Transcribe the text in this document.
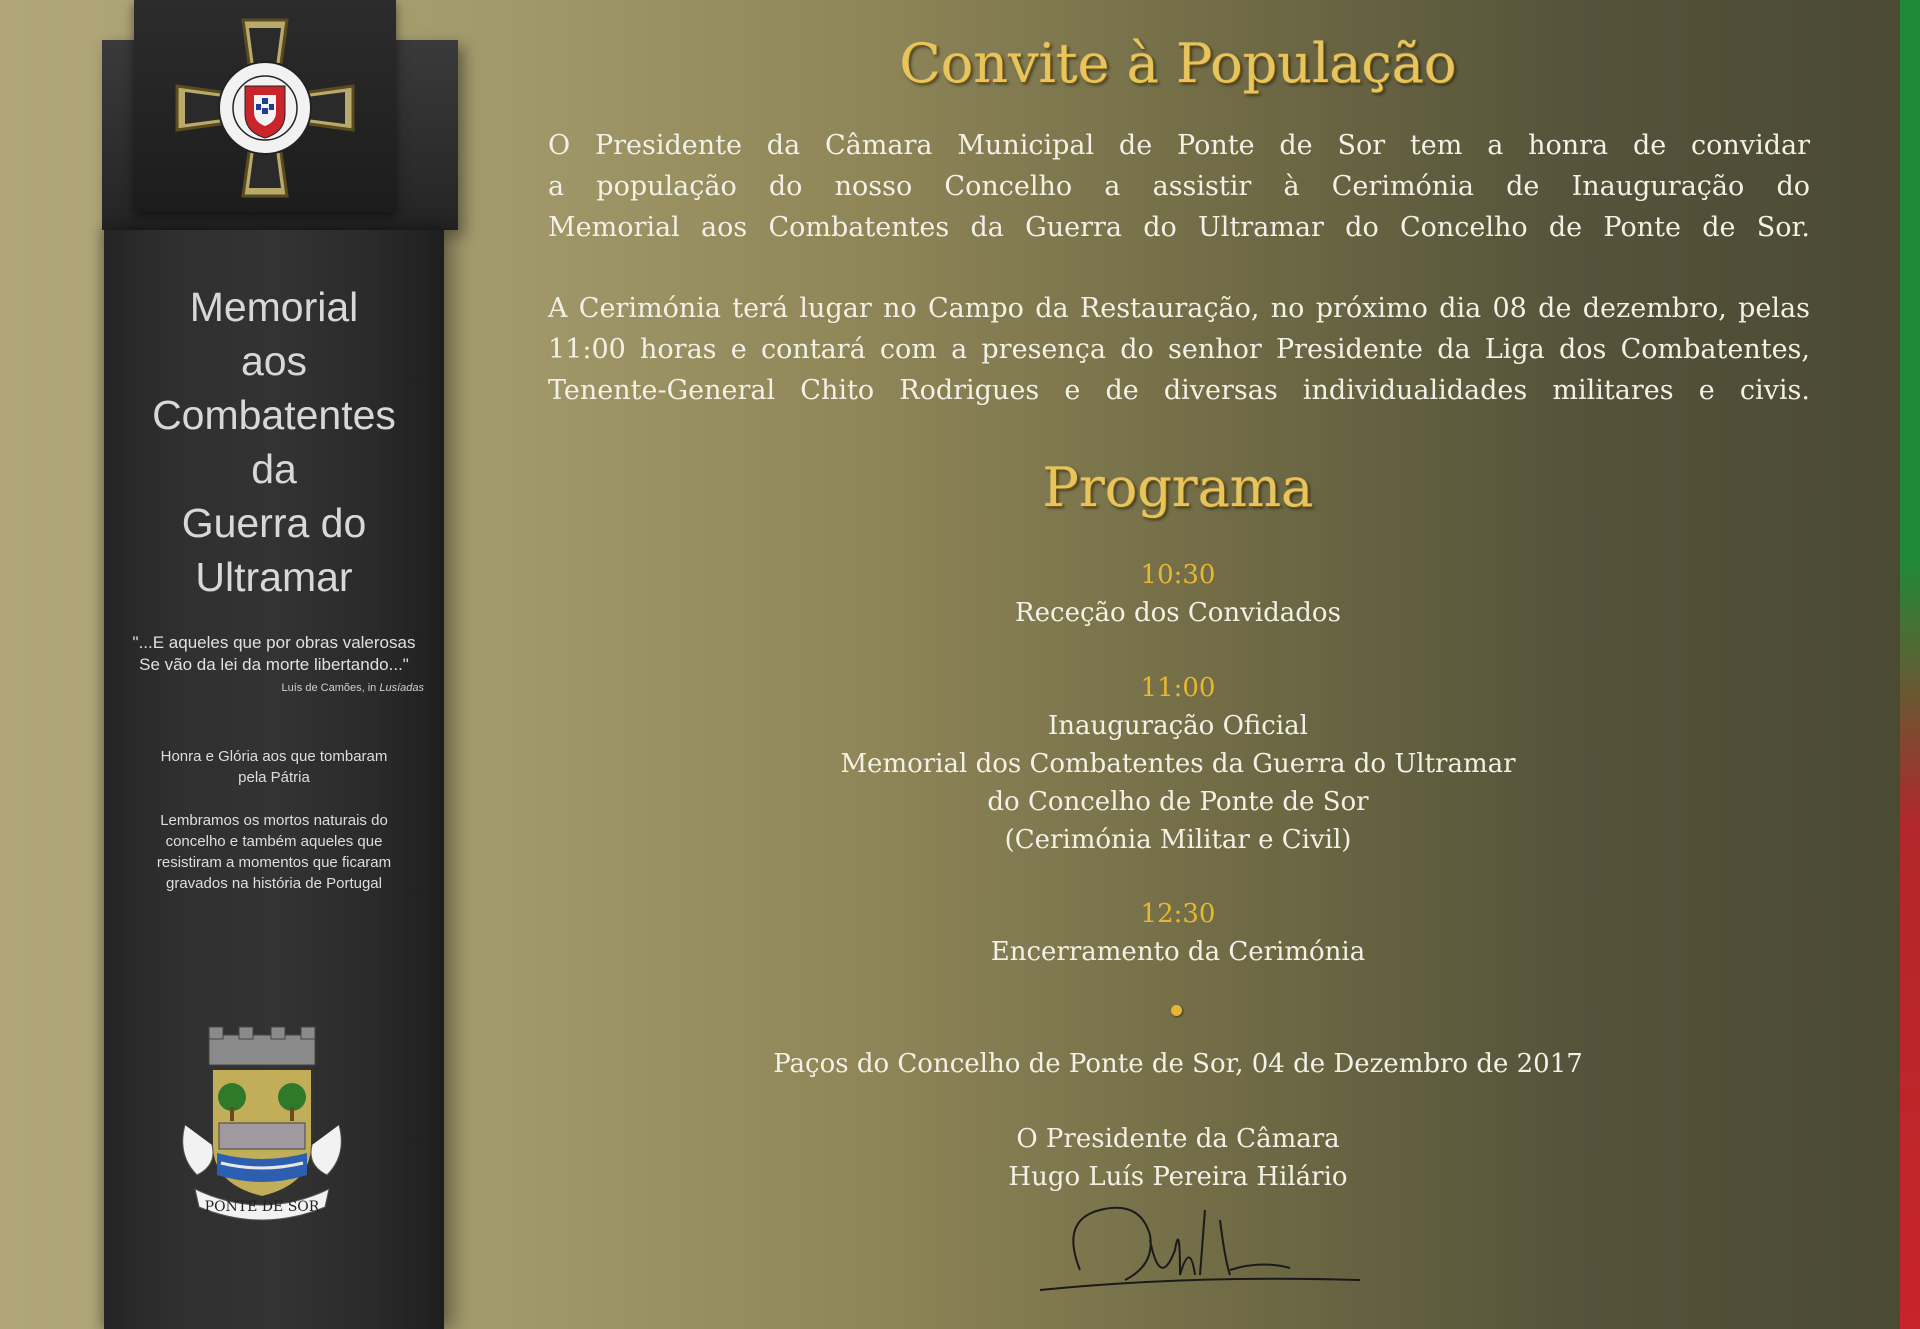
Memorial
aos
Combatentes
da
Guerra do
Ultramar
"...E aqueles que por obras valerosas
Se vão da lei da morte libertando..."
Luís de Camões, in Lusíadas
Honra e Glória aos que tombaram
pela Pátria
Lembramos os mortos naturais do
concelho e também aqueles que
resistiram a momentos que ficaram
gravados na história de Portugal
PONTE DE SOR
Convite à População
O Presidente da Câmara Municipal de Ponte de Sor tem a honra de convidar
a população do nosso Concelho a assistir à Cerimónia de Inauguração do
Memorial aos Combatentes da Guerra do Ultramar do Concelho de Ponte de Sor.
A Cerimónia terá lugar no Campo da Restauração, no próximo dia 08 de dezembro, pelas
11:00 horas e contará com a presença do senhor Presidente da Liga dos Combatentes,
Tenente-General Chito Rodrigues e de diversas individualidades militares e civis.
Programa
10:30
Receção dos Convidados
11:00
Inauguração Oficial
Memorial dos Combatentes da Guerra do Ultramar
do Concelho de Ponte de Sor
(Cerimónia Militar e Civil)
12:30
Encerramento da Cerimónia
Paços do Concelho de Ponte de Sor, 04 de Dezembro de 2017
O Presidente da Câmara
Hugo Luís Pereira Hilário
